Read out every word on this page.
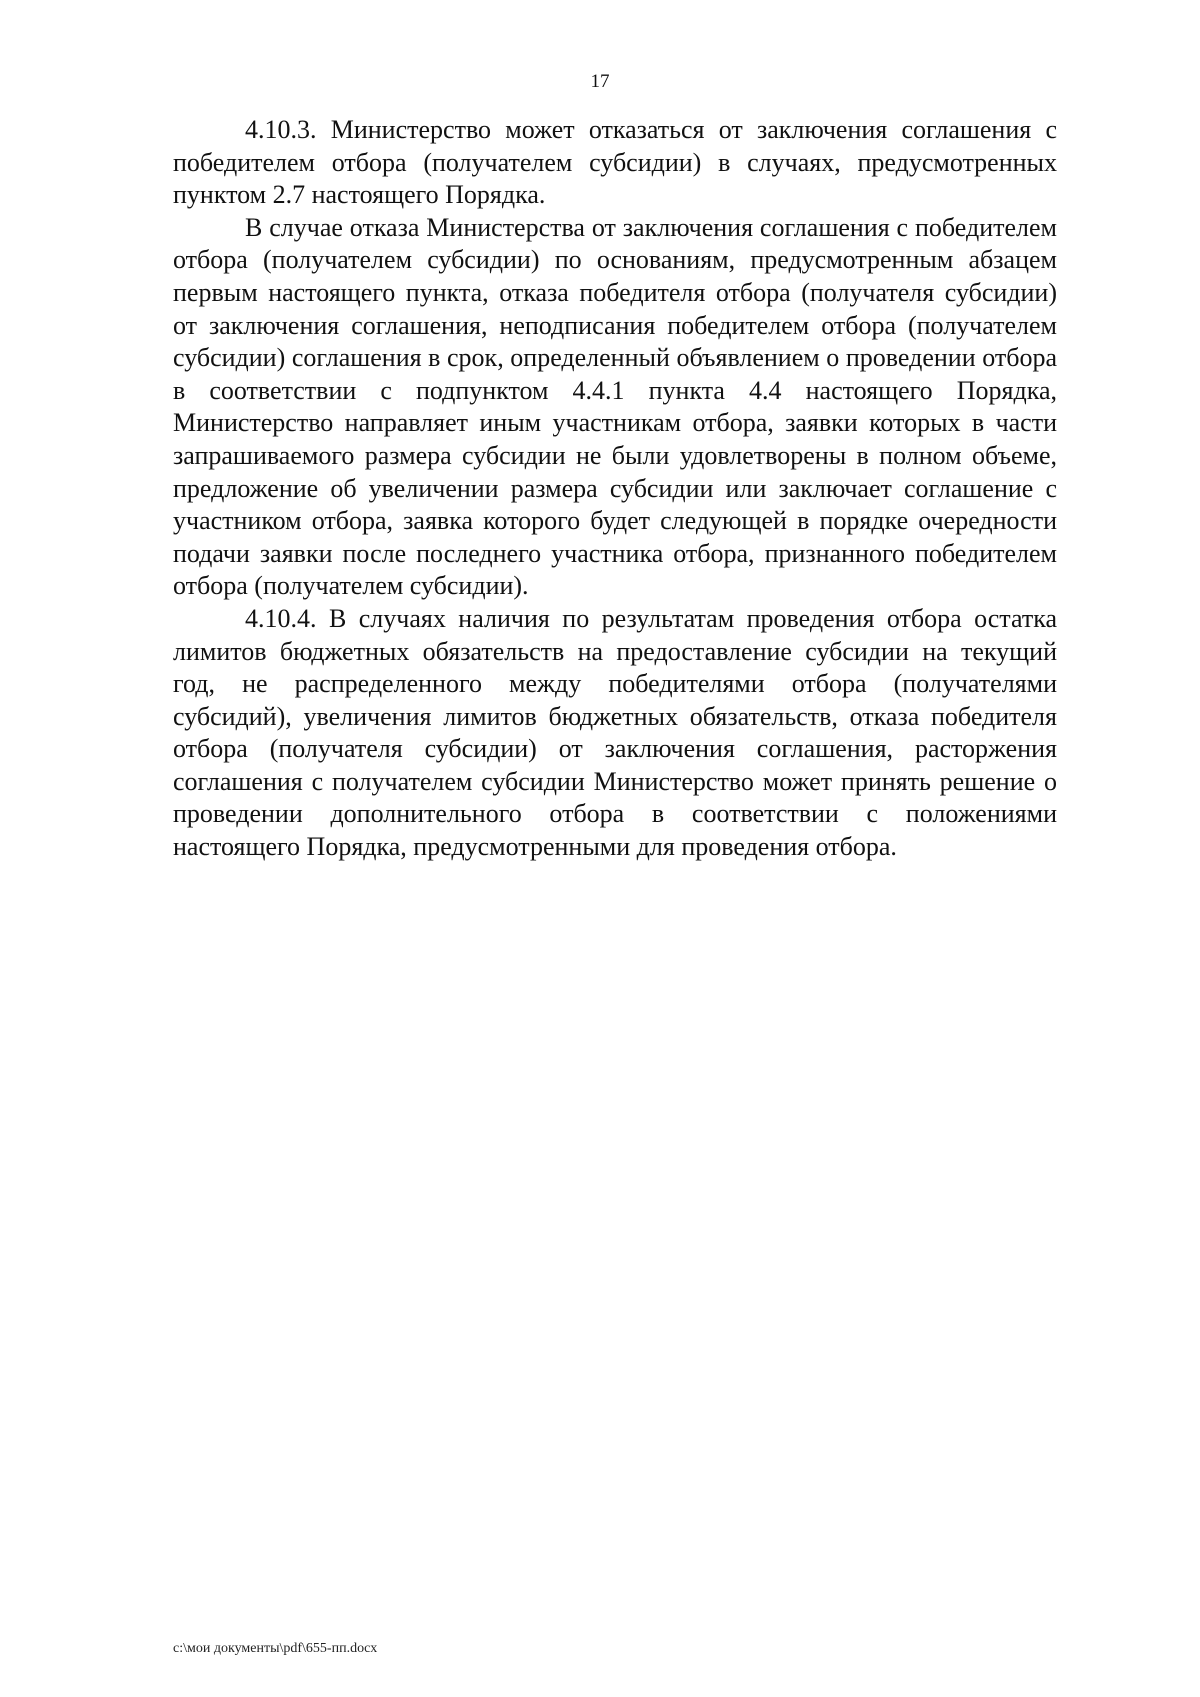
17

4.10.3. Министерство может отказаться от заключения соглашения с победителем отбора (получателем субсидии) в случаях, предусмотренных пунктом 2.7 настоящего Порядка.

В случае отказа Министерства от заключения соглашения с победителем отбора (получателем субсидии) по основаниям, предусмотренным абзацем первым настоящего пункта, отказа победителя отбора (получателя субсидии) от заключения соглашения, неподписания победителем отбора (получателем субсидии) соглашения в срок, определенный объявлением о проведении отбора в соответствии с подпунктом 4.4.1 пункта 4.4 настоящего Порядка, Министерство направляет иным участникам отбора, заявки которых в части запрашиваемого размера субсидии не были удовлетворены в полном объеме, предложение об увеличении размера субсидии или заключает соглашение с участником отбора, заявка которого будет следующей в порядке очередности подачи заявки после последнего участника отбора, признанного победителем отбора (получателем субсидии).

4.10.4. В случаях наличия по результатам проведения отбора остатка лимитов бюджетных обязательств на предоставление субсидии на текущий год, не распределенного между победителями отбора (получателями субсидий), увеличения лимитов бюджетных обязательств, отказа победителя отбора (получателя субсидии) от заключения соглашения, расторжения соглашения с получателем субсидии Министерство может принять решение о проведении дополнительного отбора в соответствии с положениями настоящего Порядка, предусмотренными для проведения отбора.

c:\мои документы\pdf\655-пп.docx
